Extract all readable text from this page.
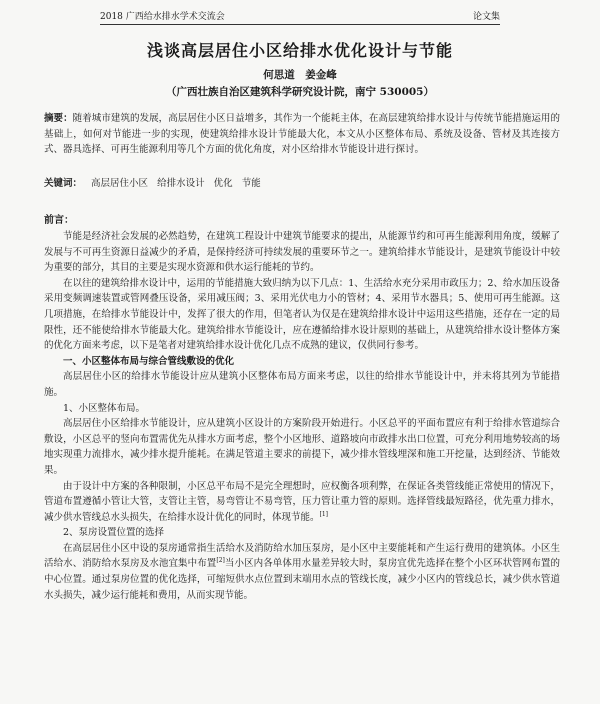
2018 广西给水排水学术交流会	论文集
浅谈高层居住小区给排水优化设计与节能
何思道　姜金峰
（广西壮族自治区建筑科学研究设计院，南宁 530005）
摘要：随着城市建筑的发展，高层居住小区日益增多，其作为一个能耗主体，在高层建筑给排水设计与传统节能措施运用的基础上，如何对节能进一步的实现，使建筑给排水设计节能最大化，本文从小区整体布局、系统及设备、管材及其连接方式、器具选择、可再生能源利用等几个方面的优化角度，对小区给排水节能设计进行探讨。
关键词： 高层居住小区 给排水设计 优化 节能
前言：

节能是经济社会发展的必然趋势，在建筑工程设计中建筑节能要求的提出，从能源节约和可再生能源利用角度，缓解了发展与不可再生资源日益减少的矛盾，是保持经济可持续发展的重要环节之一。建筑给排水节能设计，是建筑节能设计中较为重要的部分，其目的主要是实现水资源和供水运行能耗的节约。

在以往的建筑给排水设计中，运用的节能措施大致归纳为以下几点：1、生活给水充分采用市政压力；2、给水加压设备采用变频调速装置或管网叠压设备，采用减压阀；3、采用光伏电力小的管材；4、采用节水器具；5、使用可再生能源。这几项措施，在给排水节能设计中，发挥了很大的作用，但笔者认为仅是在建筑给排水设计中运用这些措施，还存在一定的局限性，还不能使给排水节能最大化。建筑给排水节能设计，应在遵循给排水设计原则的基础上，从建筑给排水设计整体方案的优化方面来考虑，以下是笔者对建筑给排水设计优化几点不成熟的建议，仅供同行参考。

一、小区整体布局与综合管线敷设的优化

高层居住小区的给排水节能设计应从建筑小区整体布局方面来考虑，以往的给排水节能设计中，并未将其列为节能措施。

1、小区整体布局。

高层居住小区给排水节能设计，应从建筑小区设计的方案阶段开始进行。小区总平的平面布置应有利于给排水管道综合敷设，小区总平的竖向布置需优先从排水方面考虑，整个小区地形、道路坡向市政排水出口位置，可充分利用地势较高的场地实现重力流排水，减少排水提升能耗。在满足管道主要求的前提下，减少排水管线埋深和施工开挖量，达到经济、节能效果。

由于设计中方案的各种限制，小区总平布局不是完全理想时，应权衡各项利弊，在保证各类管线能正常使用的情况下，管道布置遵循小管让大管，支管让主管，易弯管让不易弯管，压力管让重力管的原则。选择管线最短路径，优先重力排水，减少供水管线总水头损失，在给排水设计优化的同时，体现节能。[1]

2、泵房设置位置的选择

在高层居住小区中设的泵房通常指生活给水及消防给水加压泵房，是小区中主要能耗和产生运行费用的建筑体。小区生活给水、消防给水泵房及水池宜集中布置[2]当小区内各单体用水量差异较大时，泵房宜优先选择在整个小区环状管网布置的中心位置。通过泵房位置的优化选择，可缩短供水点位置到末端用水点的管线长度，减少小区内的管线总长，减少供水管道水头损失，减少运行能耗和费用，从而实现节能。
